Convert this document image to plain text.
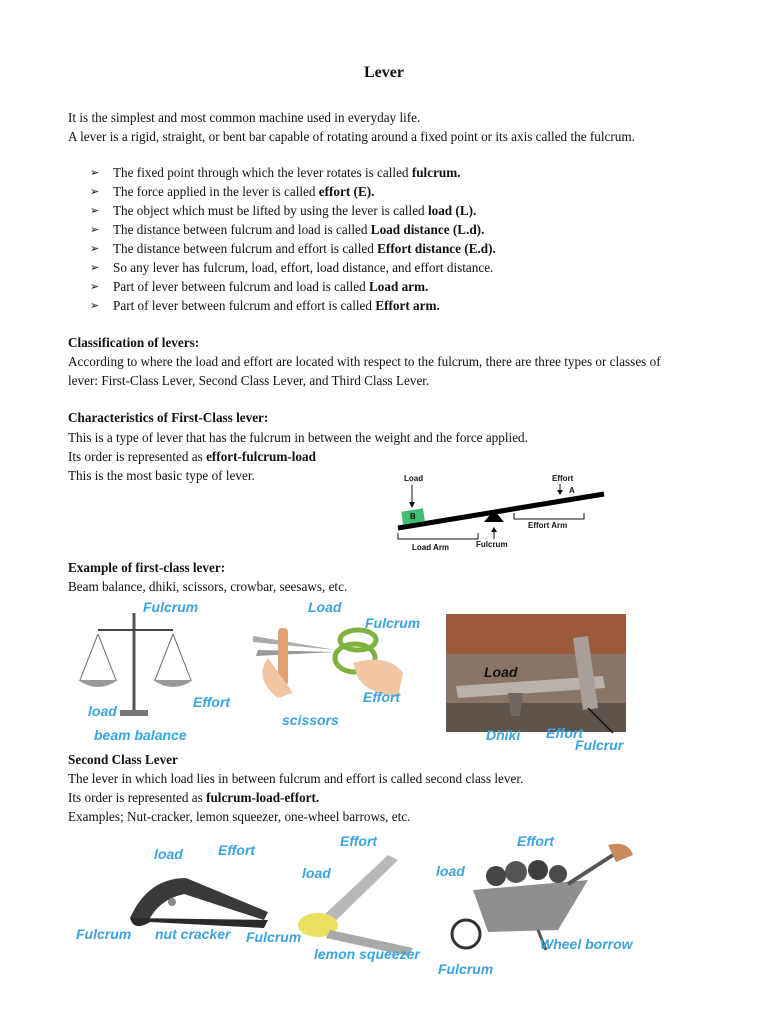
Lever
It is the simplest and most common machine used in everyday life.
A lever is a rigid, straight, or bent bar capable of rotating around a fixed point or its axis called the fulcrum.
➢	The fixed point through which the lever rotates is called fulcrum.
➢	The force applied in the lever is called effort (E).
➢	The object which must be lifted by using the lever is called load (L).
➢	The distance between fulcrum and load is called Load distance (L.d).
➢	The distance between fulcrum and effort is called Effort distance (E.d).
➢	So any lever has fulcrum, load, effort, load distance, and effort distance.
➢	Part of lever between fulcrum and load is called Load arm.
➢	Part of lever between fulcrum and effort is called Effort arm.
Classification of levers:
According to where the load and effort are located with respect to the fulcrum, there are three types or classes of
lever: First-Class Lever, Second Class Lever, and Third Class Lever.
Characteristics of First-Class lever:
This is a type of lever that has the fulcrum in between the weight and the force applied.
Its order is represented as effort-fulcrum-load
This is the most basic type of lever.	Load	Effort
A
B
Fulcrum
Effort Arm
Load Arm
Example of first-class lever:
Beam balance, dhiki, scissors, crowbar, seesaws, etc.
Fulcrum
Effort
load
beam balance
Load
Fulcrum
Effort
scissors
Load
Dhiki Effort
Fulcrur
Second Class Lever
The lever in which load lies in between fulcrum and effort is called second class lever.
Its order is represented as fulcrum-load-effort.
Examples; Nut-cracker, lemon squeezer, one-wheel barrows, etc.
load	Effort
Fulcrum nut cracker
Effort
load
Fulcrum
lemon squeezer
Effort
load
Wheel borrow
Fulcrum
